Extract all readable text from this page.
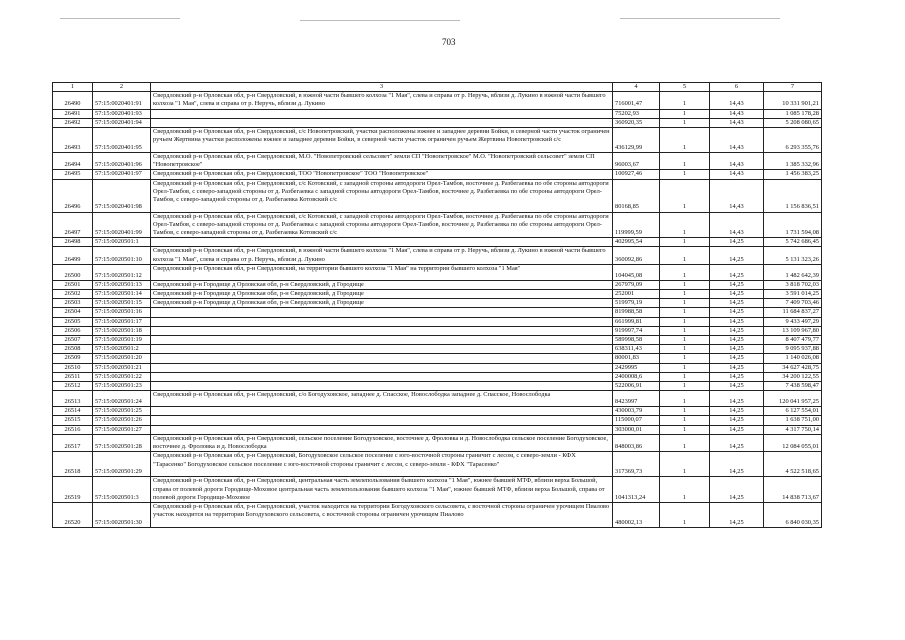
703
1	2	3	4	5	6	7
26490	57:15:0020401:91	Свердловский р-н Орловская обл, р-н Свердловский, в южной части бывшего колхоза "1 Мая", слева и справа от р. Неручь, вблизи д. Лукино в южной части бывшего колхоза "1 Мая", слева и справа от р. Неручь, вблизи д. Лукино	716001,47	1	14,43	10 331 901,21
26491	57:15:0020401:93		75202,93	1	14,43	1 085 178,28
26492	57:15:0020401:94		360920,35	1	14,43	5 208 080,65
26493	57:15:0020401:95	Свердловский р-н Орловская обл, р-н Свердловский, с/с Новопетровский, участки расположены южнее и западнее деревни Бойки, в северной части участок ограничен ручьем Жертвина участки расположены южнее и западнее деревни Бойки, в северной части участок ограничен ручьем Жертвина Новопетровский с/с	436129,99	1	14,43	6 293 355,76
26494	57:15:0020401:96	Свердловский р-н Орловская обл, р-н Свердловский, М.О. "Новопетровский сельсовет" земли СП "Новопетровское" М.О. "Новопетровский сельсовет" земли СП "Новопетровское"	96003,67	1	14,43	1 385 332,96
26495	57:15:0020401:97	Свердловский р-н Орловская обл, р-н Свердловский, ТОО "Новопетровское" ТОО "Новопетровское"	100927,46	1	14,43	1 456 383,25
26496	57:15:0020401:98	Свердловский р-н Орловская обл, р-н Свердловский, с/с Котовский, с западной стороны автодороги Орел-Тамбов, восточнее д. Разбегаевка по обе стороны автодороги Орел-Тамбов, с северо-западной стороны от д. Разбегаевка с западной стороны автодороги Орел-Тамбов, восточнее д. Разбегаевка по обе стороны автодороги Орел-Тамбов, с северо-западной стороны от д. Разбегаевка Котовский с/с	80168,85	1	14,43	1 156 836,51
26497	57:15:0020401:99	Свердловский р-н Орловская обл, р-н Свердловский, с/с Котовский, с западной стороны автодороги Орел-Тамбов, восточнее д. Разбегаевка по обе стороны автодороги Орел-Тамбов, с северо-западной стороны от д. Разбегаевка с западной стороны автодороги Орел-Тамбов, восточнее д. Разбегаевка по обе стороны автодороги Орел-Тамбов, с северо-западной стороны от д. Разбегаевка Котовский с/с	119999,59	1	14,43	1 731 594,08
26498	57:15:0020501:1		402995,54	1	14,25	5 742 686,45
26499	57:15:0020501:10	Свердловский р-н Орловская обл, р-н Свердловский, в южной части бывшего колхоза "1 Мая", слева и справа от р. Неручь, вблизи д. Лукино в южной части бывшего колхоза "1 Мая", слева и справа от р. Неручь, вблизи д. Лукино	360092,86	1	14,25	5 131 323,26
26500	57:15:0020501:12	Свердловский р-н Орловская обл, р-н Свердловский, на территории бывшего колхоза "1 Мая" на территории бывшего колхоза "1 Мая"	104045,08	1	14,25	1 482 642,39
26501	57:15:0020501:13	Свердловский р-н Городище д Орловская обл, р-н Свердловский, д Городище	267979,09	1	14,25	3 818 702,03
26502	57:15:0020501:14	Свердловский р-н Городище д Орловская обл, р-н Свердловский, д Городище	252001	1	14,25	3 591 014,25
26503	57:15:0020501:15	Свердловский р-н Городище д Орловская обл, р-н Свердловский, д Городище	519979,19	1	14,25	7 409 703,46
26504	57:15:0020501:16		819988,58	1	14,25	11 684 837,27
26505	57:15:0020501:17		661999,81	1	14,25	9 433 497,29
26506	57:15:0020501:18		919997,74	1	14,25	13 109 967,80
26507	57:15:0020501:19		589998,58	1	14,25	8 407 479,77
26508	57:15:0020501:2		638311,43	1	14,25	9 095 937,88
26509	57:15:0020501:20		80001,83	1	14,25	1 140 026,08
26510	57:15:0020501:21		2429995	1	14,25	34 627 428,75
26511	57:15:0020501:22		2400008,6	1	14,25	34 200 122,55
26512	57:15:0020501:23		522006,91	1	14,25	7 438 598,47
26513	57:15:0020501:24	Свердловский р-н Орловская обл, р-н Свердловский, с/о Богодуховское, западнее д. Спасское, Новослободка западнее д. Спасское, Новослободка	8423997	1	14,25	120 041 957,25
26514	57:15:0020501:25		430003,79	1	14,25	6 127 554,01
26515	57:15:0020501:26		115000,07	1	14,25	1 638 751,00
26516	57:15:0020501:27		303000,01	1	14,25	4 317 750,14
26517	57:15:0020501:28	Свердловский р-н Орловская обл, р-н Свердловский, сельское поселение Богодуховское, восточнее д. Фроловка и д. Новослободка сельское поселение Богодуховское, восточнее д. Фроловка и д. Новослободка	848003,86	1	14,25	12 084 055,01
26518	57:15:0020501:29	Свердловский р-н Орловская обл, р-н Свердловский, Богодуховское сельское поселение с юго-восточной стороны граничит с лесом, с северо-земли - КФХ "Тарасенко" Богодуховское сельское поселение с юго-восточной стороны граничит с лесом, с северо-земли - КФХ "Тарасенко"	317369,73	1	14,25	4 522 518,65
26519	57:15:0020501:3	Свердловский р-н Орловская обл, р-н Свердловский, центральная часть землепользования бывшего колхоза "1 Мая", южнее бывшей МТФ, вблизи верха Большой, справа от полевой дороги Городище-Моховое центральная часть землепользования бывшего колхоза "1 Мая", южнее бывшей МТФ, вблизи верха Большой, справа от полевой дороги Городище-Моховое	1041313,24	1	14,25	14 838 713,67
26520	57:15:0020501:30	Свердловский р-н Орловская обл, р-н Свердловский, участок находится на территории Богодуховского сельсовета, с восточной стороны ограничен урочищем Пиалово участок находится на территории Богодуховского сельсовета, с восточной стороны ограничен урочищем Пиалово	480002,13	1	14,25	6 840 030,35
